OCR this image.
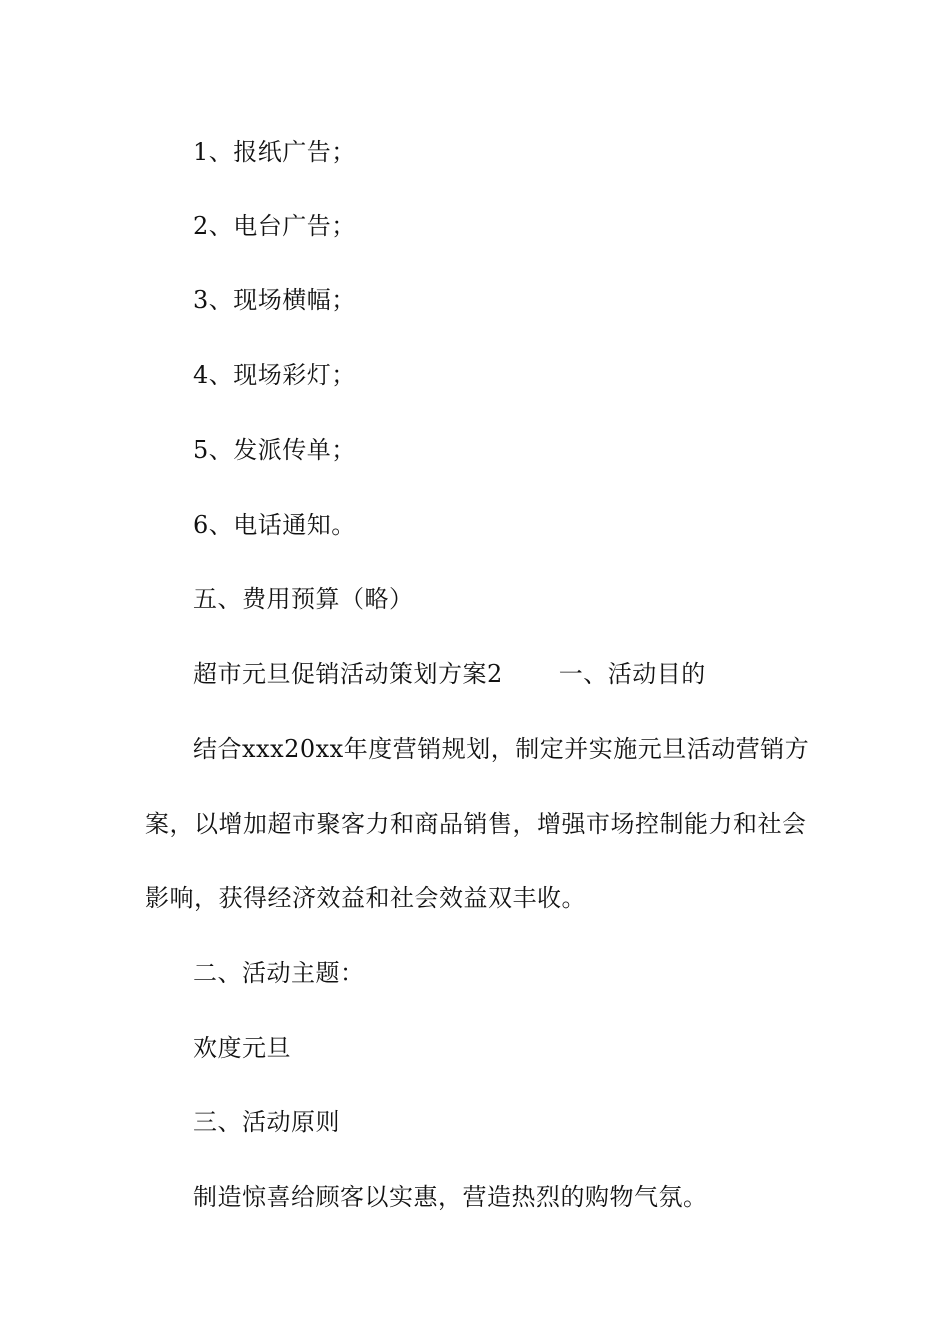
1、报纸广告；
2、电台广告；
3、现场横幅；
4、现场彩灯；
5、发派传单；
6、电话通知。
五、费用预算（略）
超市元旦促销活动策划方案2 一、活动目的
结合xxx20xx年度营销规划，制定并实施元旦活动营销方
案，以增加超市聚客力和商品销售，增强市场控制能力和社会
影响，获得经济效益和社会效益双丰收。
二、活动主题：
欢度元旦
三、活动原则
制造惊喜给顾客以实惠，营造热烈的购物气氛。
